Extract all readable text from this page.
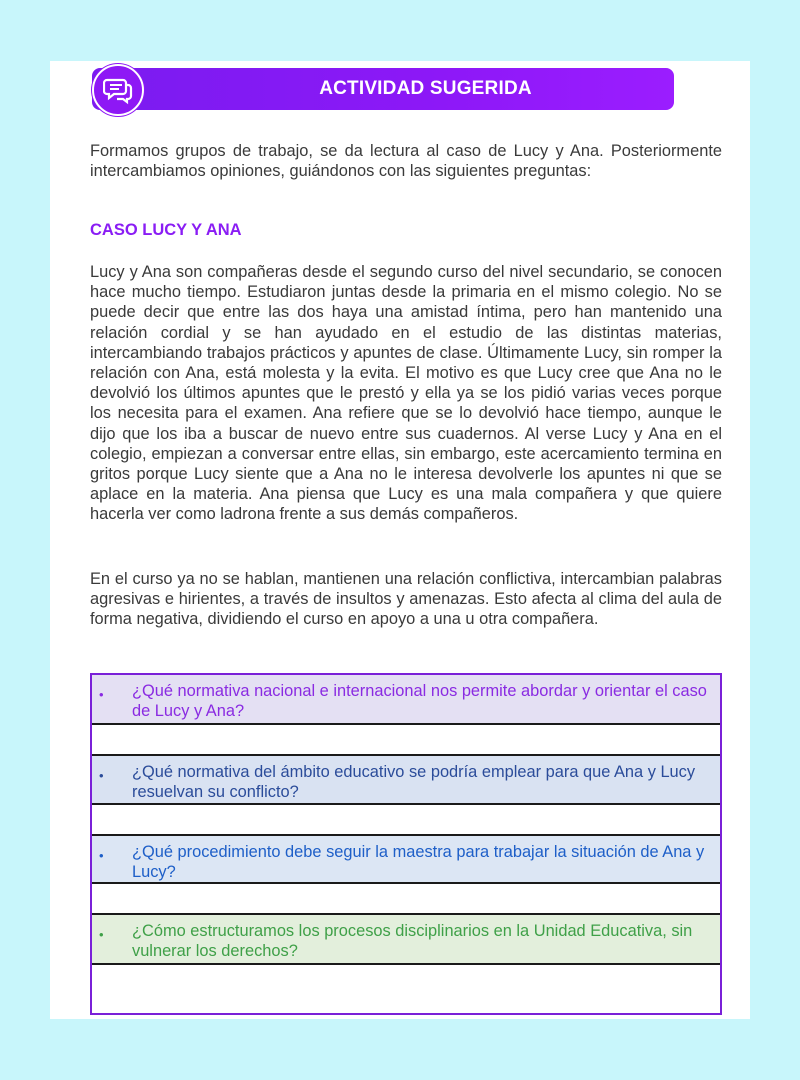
ACTIVIDAD SUGERIDA

Formamos grupos de trabajo, se da lectura al caso de Lucy y Ana. Posteriormente intercambiamos opiniones, guiándonos con las siguientes preguntas:

CASO LUCY Y ANA

Lucy y Ana son compañeras desde el segundo curso del nivel secundario, se conocen hace mucho tiempo. Estudiaron juntas desde la primaria en el mismo colegio. No se puede decir que entre las dos haya una amistad íntima, pero han mantenido una relación cordial y se han ayudado en el estudio de las distintas materias, intercambiando trabajos prácticos y apuntes de clase. Últimamente Lucy, sin romper la relación con Ana, está molesta y la evita. El motivo es que Lucy cree que Ana no le devolvió los últimos apuntes que le prestó y ella ya se los pidió varias veces porque los necesita para el examen. Ana refiere que se lo devolvió hace tiempo, aunque le dijo que los iba a buscar de nuevo entre sus cuadernos. Al verse Lucy y Ana en el colegio, empiezan a conversar entre ellas, sin embargo, este acercamiento termina en gritos porque Lucy siente que a Ana no le interesa devolverle los apuntes ni que se aplace en la materia. Ana piensa que Lucy es una mala compañera y que quiere hacerla ver como ladrona frente a sus demás compañeros.

En el curso ya no se hablan, mantienen una relación conflictiva, intercambian palabras agresivas e hirientes, a través de insultos y amenazas. Esto afecta al clima del aula de forma negativa, dividiendo el curso en apoyo a una u otra compañera.

• ¿Qué normativa nacional e internacional nos permite abordar y orientar el caso de Lucy y Ana?
• ¿Qué normativa del ámbito educativo se podría emplear para que Ana y Lucy resuelvan su conflicto?
• ¿Qué procedimiento debe seguir la maestra para trabajar la situación de Ana y Lucy?
• ¿Cómo estructuramos los procesos disciplinarios en la Unidad Educativa, sin vulnerar los derechos?
